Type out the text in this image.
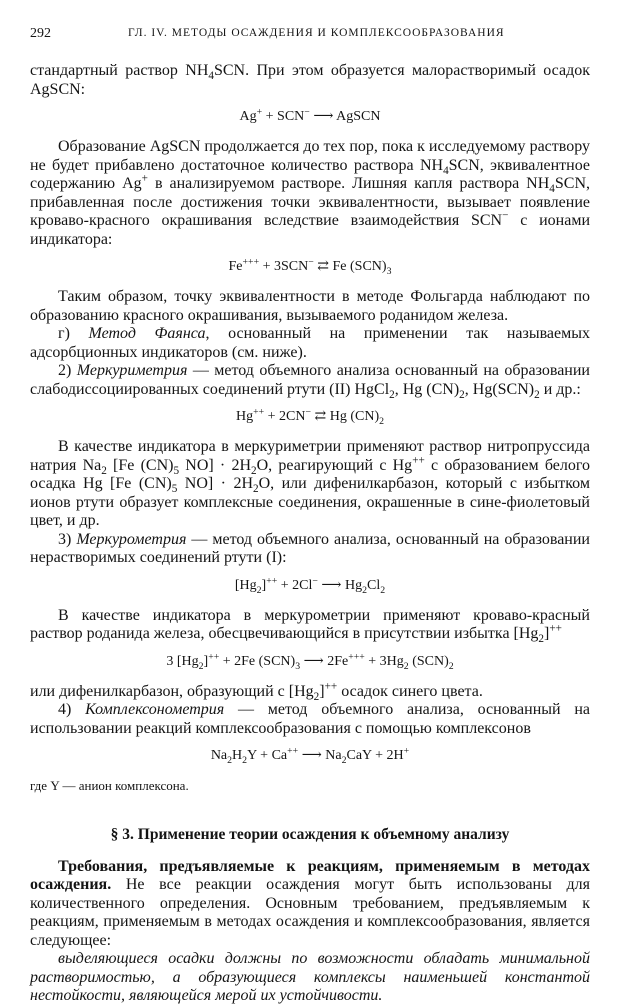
292	ГЛ. IV. МЕТОДЫ ОСАЖДЕНИЯ И КОМПЛЕКСООБРАЗОВАНИЯ

стандартный раствор $NH_4SCN$. При этом образуется малорастворимый осадок AgSCN:

Ag+ + SCN− ⟶ AgSCN

Образование AgSCN продолжается до тех пор, пока к исследуемому раствору не будет прибавлено достаточное количество раствора $NH_4SCN$, эквивалентное содержанию Ag+ в анализируемом растворе. Лишняя капля раствора $NH_4SCN$, прибавленная после достижения точки эквивалентности, вызывает появление кроваво-красного окрашивания вследствие взаимодействия SCN− с ионами индикатора:

Fe+++ + 3SCN− ⇄ Fe $(SCN)_3$

Таким образом, точку эквивалентности в методе Фольгарда наблюдают по образованию красного окрашивания, вызываемого роданидом железа.

г) Метод Фаянса, основанный на применении так называемых адсорбционных индикаторов (см. ниже).

2) Меркуриметрия — метод объемного анализа основанный на образовании слабодиссоциированных соединений ртути (II) HgCl$_2$, Hg $(CN)_2$, $Hg(SCN)_2$ и др.:

Hg++ + 2CN− ⇄ Hg $(CN)_2$

В качестве индикатора в меркуриметрии применяют раствор нитропруссида натрия $Na_2$ [Fe $(CN)_5$ $NO] \cdot 2H_2O$, реагирующий с Hg++ с образованием белого осадка Hg [Fe $(CN)_5$ $NO] \cdot 2H_2O$, или дифенилкарбазон, который с избытком ионов ртути образует комплексные соединения, окрашенные в сине-фиолетовый цвет, и др.

3) Меркурометрия — метод объемного анализа, основанный на образовании нерастворимых соединений ртути (I):

$[Hg_2]^{++} + 2Cl^-$ ⟶ $Hg_2Cl_2$

В качестве индикатора в меркурометрии применяют кроваво-красный раствор роданида железа, обесцвечивающийся в присутствии избытка $[Hg_2]^{++}$

3 $[Hg_2]^{++} + 2Fe$ $(SCN)_3$ ⟶ $2Fe^{+++} + 3Hg_2$ $(SCN)_2$

или дифенилкарбазон, образующий с $[Hg_2]^{++}$ осадок синего цвета.

4) Комплексонометрия — метод объемного анализа, основанный на использовании реакций комплексообразования с помощью комплексонов

$Na_2H_2Y + Ca^{++}$ ⟶ $Na_2CaY + 2H^+$

где Y — анион комплексона.

§ 3. Применение теории осаждения к объемному анализу

Требования, предъявляемые к реакциям, применяемым в методах осаждения. Не все реакции осаждения могут быть использованы для количественного определения. Основным требованием, предъявляемым к реакциям, применяемым в методах осаждения и комплексообразования, является следующее:

выделяющиеся осадки должны по возможности обладать минимальной растворимостью, а образующиеся комплексы наименьшей константой нестойкости, являющейся мерой их устойчивости.
